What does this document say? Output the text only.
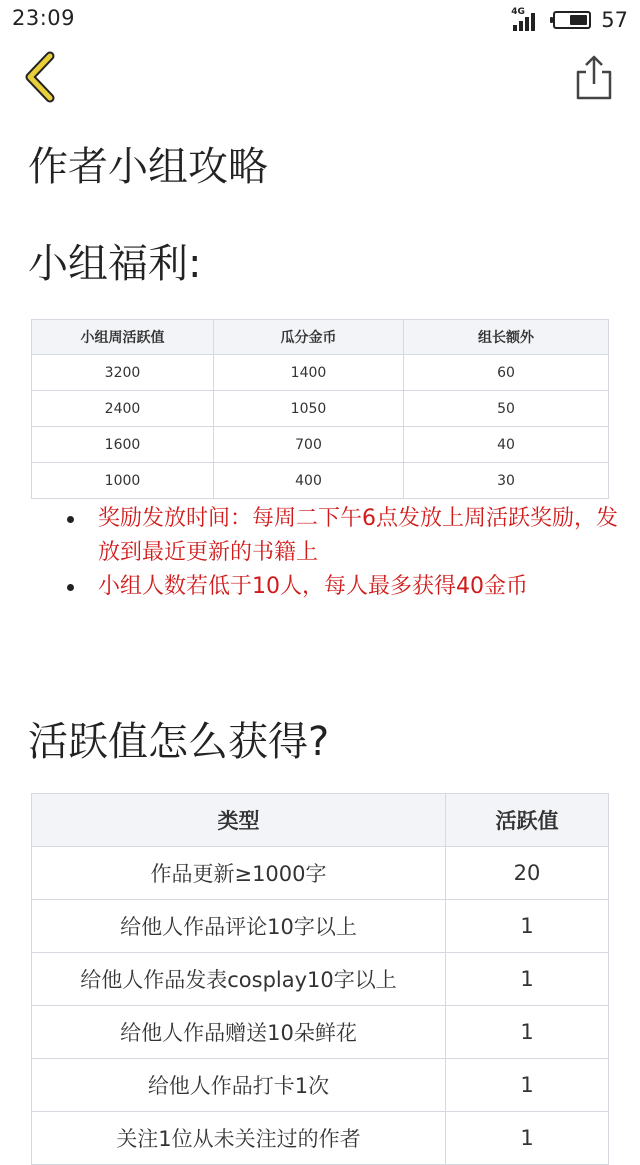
23:09	4G	57
作者小组攻略
小组福利:
小组周活跃值	瓜分金币	组长额外
3200	1400	60
2400	1050	50
1600	700	40
1000	400	30
奖励发放时间：每周二下午6点发放上周活跃奖励，发放到最近更新的书籍上
小组人数若低于10人，每人最多获得40金币
活跃值怎么获得?
类型	活跃值
作品更新≥1000字	20
给他人作品评论10字以上	1
给他人作品发表cosplay10字以上	1
给他人作品赠送10朵鲜花	1
给他人作品打卡1次	1
关注1位从未关注过的作者	1
